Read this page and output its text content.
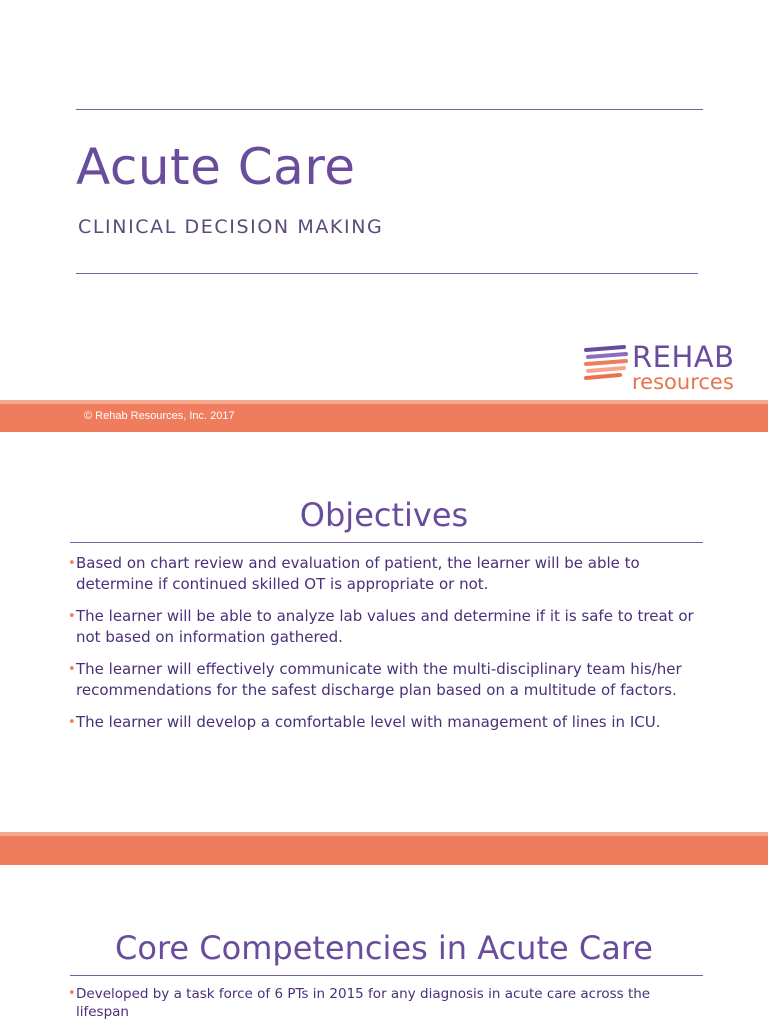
Acute Care
CLINICAL DECISION MAKING
REHAB
resources
© Rehab Resources, Inc. 2017
Objectives
• Based on chart review and evaluation of patient, the learner will be able to determine if continued skilled OT is appropriate or not.
• The learner will be able to analyze lab values and determine if it is safe to treat or not based on information gathered.
• The learner will effectively communicate with the multi-disciplinary team his/her recommendations for the safest discharge plan based on a multitude of factors.
• The learner will develop a comfortable level with management of lines in ICU.
Core Competencies in Acute Care
• Developed by a task force of 6 PTs in 2015 for any diagnosis in acute care across the lifespan
